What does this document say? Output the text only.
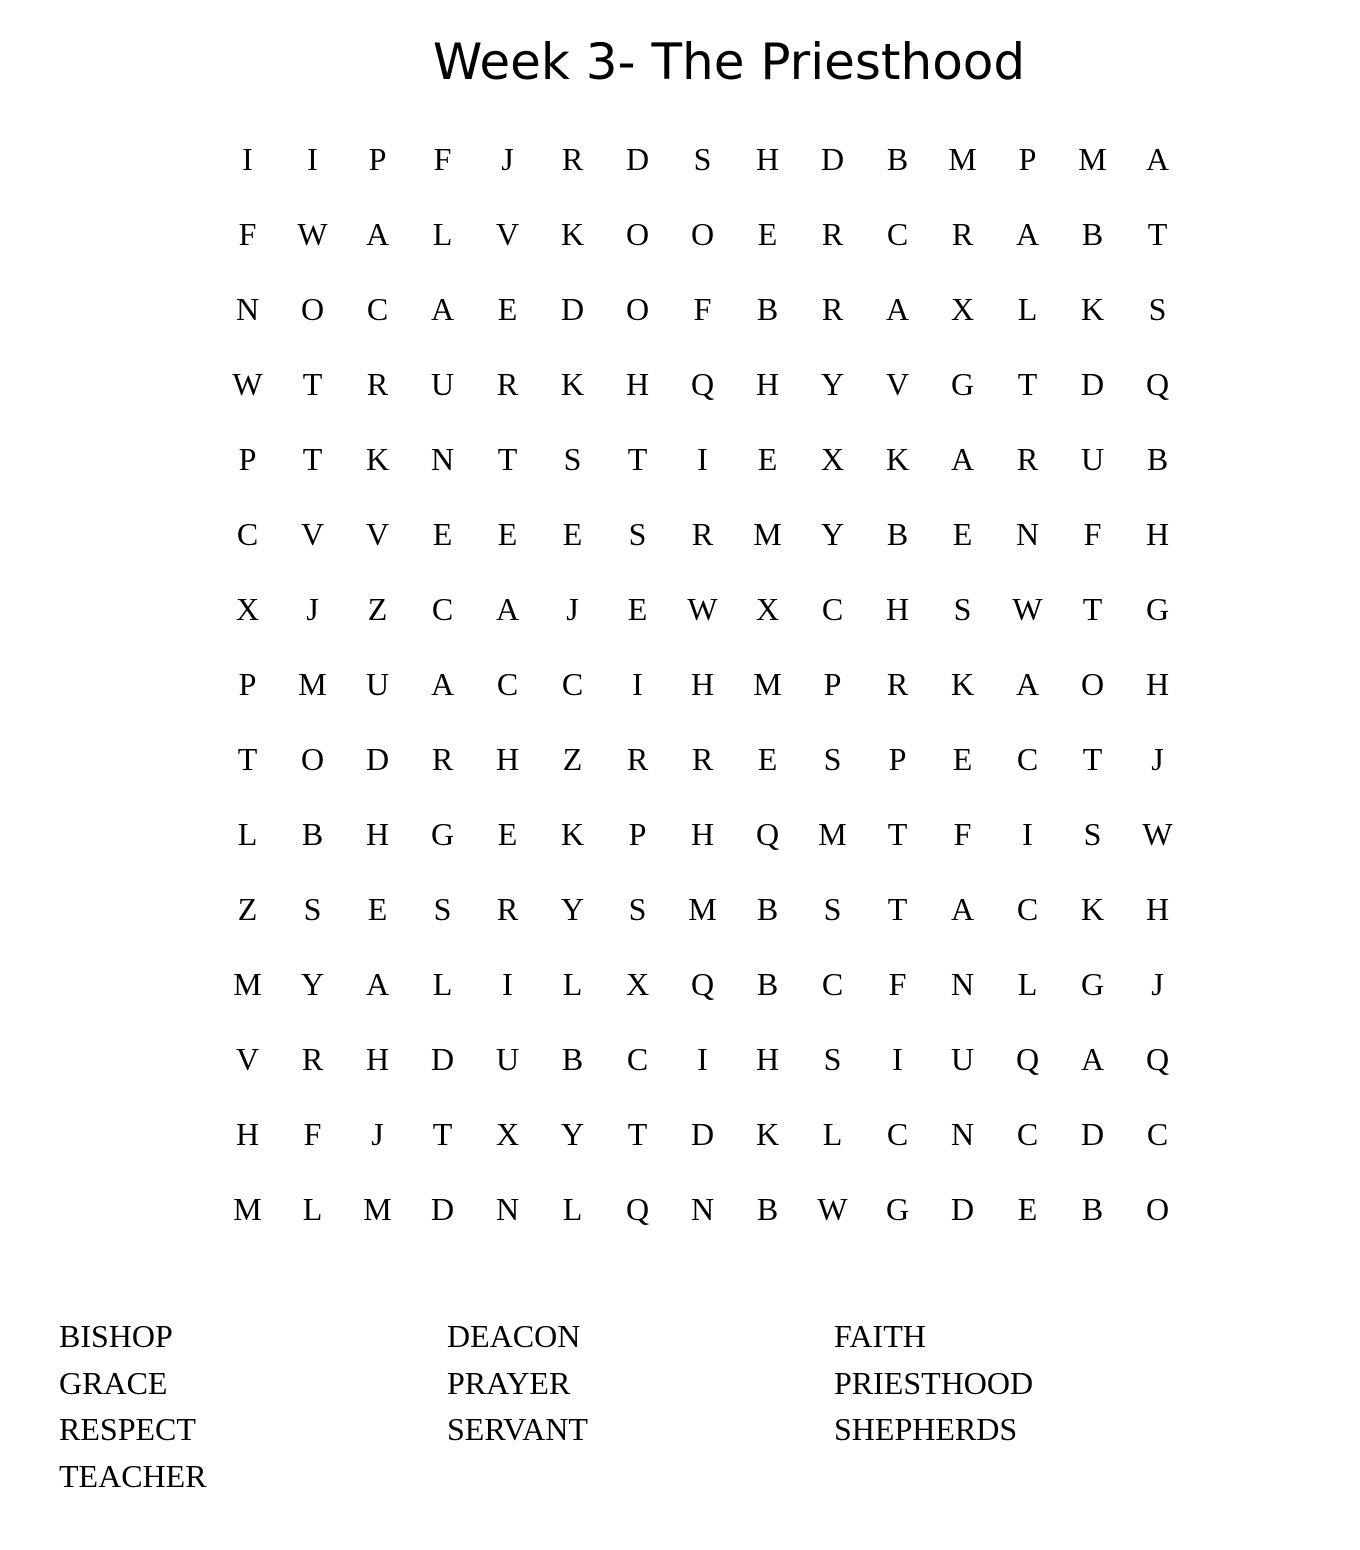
Week 3- The Priesthood
I	I	P	F	J	R	D	S	H	D	B	M	P	M	A
F	W	A	L	V	K	O	O	E	R	C	R	A	B	T
N	O	C	A	E	D	O	F	B	R	A	X	L	K	S
W	T	R	U	R	K	H	Q	H	Y	V	G	T	D	Q
P	T	K	N	T	S	T	I	E	X	K	A	R	U	B
C	V	V	E	E	E	S	R	M	Y	B	E	N	F	H
X	J	Z	C	A	J	E	W	X	C	H	S	W	T	G
P	M	U	A	C	C	I	H	M	P	R	K	A	O	H
T	O	D	R	H	Z	R	R	E	S	P	E	C	T	J
L	B	H	G	E	K	P	H	Q	M	T	F	I	S	W
Z	S	E	S	R	Y	S	M	B	S	T	A	C	K	H
M	Y	A	L	I	L	X	Q	B	C	F	N	L	G	J
V	R	H	D	U	B	C	I	H	S	I	U	Q	A	Q
H	F	J	T	X	Y	T	D	K	L	C	N	C	D	C
M	L	M	D	N	L	Q	N	B	W	G	D	E	B	O
BISHOP
GRACE
RESPECT
TEACHER
DEACON
PRAYER
SERVANT
FAITH
PRIESTHOOD
SHEPHERDS
